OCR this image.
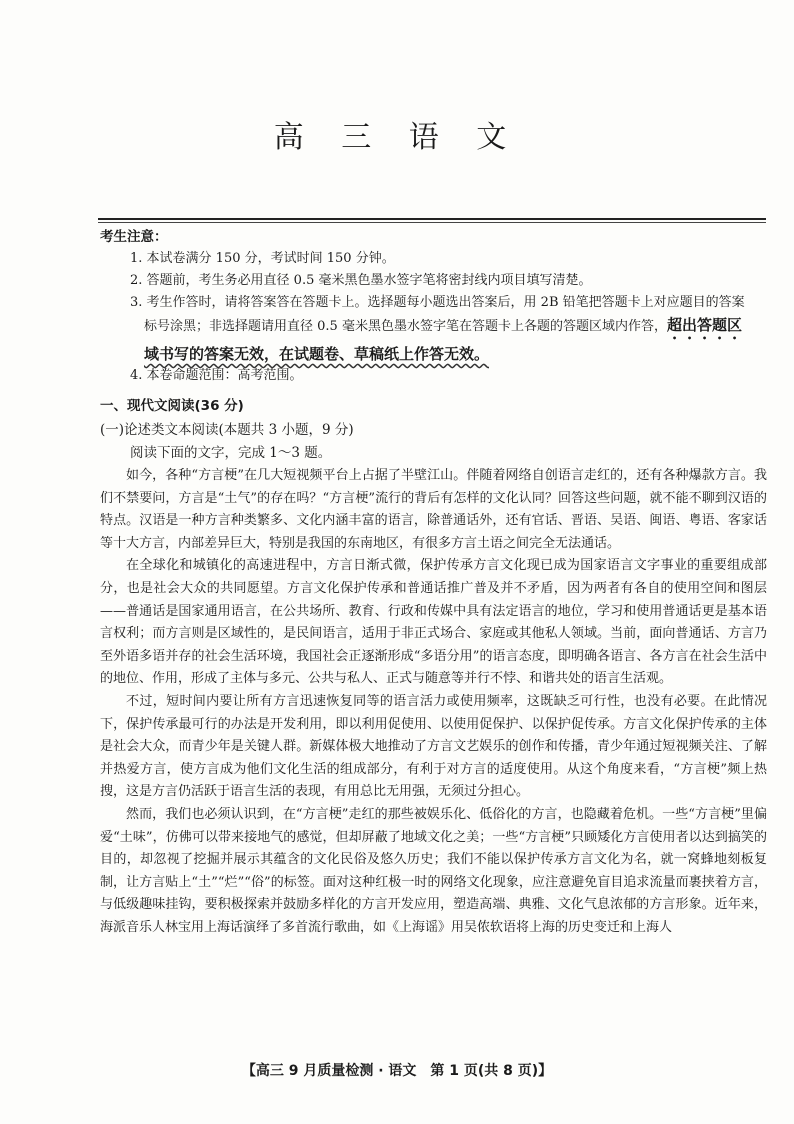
高 三 语 文
考生注意：
1. 本试卷满分 150 分，考试时间 150 分钟。
2. 答题前，考生务必用直径 0.5 毫米黑色墨水签字笔将密封线内项目填写清楚。
3. 考生作答时，请将答案答在答题卡上。选择题每小题选出答案后，用 2B 铅笔把答题卡上对应题目的答案
标号涂黑；非选择题请用直径 0.5 毫米黑色墨水签字笔在答题卡上各题的答题区域内作答，超出答题区
域书写的答案无效，在试题卷、草稿纸上作答无效。
4. 本卷命题范围：高考范围。
一、现代文阅读(36 分)
(一)论述类文本阅读(本题共 3 小题，9 分)
阅读下面的文字，完成 1～3 题。

如今，各种“方言梗”在几大短视频平台上占据了半壁江山。伴随着网络自创语言走红的，还有各种爆款方言。我们不禁要问，方言是“土气”的存在吗？“方言梗”流行的背后有怎样的文化认同？回答这些问题，就不能不聊到汉语的特点。汉语是一种方言种类繁多、文化内涵丰富的语言，除普通话外，还有官话、晋语、吴语、闽语、粤语、客家话等十大方言，内部差异巨大，特别是我国的东南地区，有很多方言土语之间完全无法通话。

在全球化和城镇化的高速进程中，方言日渐式微，保护传承方言文化现已成为国家语言文字事业的重要组成部分，也是社会大众的共同愿望。方言文化保护传承和普通话推广普及并不矛盾，因为两者有各自的使用空间和图层——普通话是国家通用语言，在公共场所、教育、行政和传媒中具有法定语言的地位，学习和使用普通话更是基本语言权利；而方言则是区域性的，是民间语言，适用于非正式场合、家庭或其他私人领域。当前，面向普通话、方言乃至外语多语并存的社会生活环境，我国社会正逐渐形成“多语分用”的语言态度，即明确各语言、各方言在社会生活中的地位、作用，形成了主体与多元、公共与私人、正式与随意等并行不悖、和谐共处的语言生活观。

不过，短时间内要让所有方言迅速恢复同等的语言活力或使用频率，这既缺乏可行性，也没有必要。在此情况下，保护传承最可行的办法是开发利用，即以利用促使用、以使用促保护、以保护促传承。方言文化保护传承的主体是社会大众，而青少年是关键人群。新媒体极大地推动了方言文艺娱乐的创作和传播，青少年通过短视频关注、了解并热爱方言，使方言成为他们文化生活的组成部分，有利于对方言的适度使用。从这个角度来看，“方言梗”频上热搜，这是方言仍活跃于语言生活的表现，有用总比无用强，无须过分担心。

然而，我们也必须认识到，在“方言梗”走红的那些被娱乐化、低俗化的方言，也隐藏着危机。一些“方言梗”里偏爱“土味”，仿佛可以带来接地气的感觉，但却屏蔽了地域文化之美；一些“方言梗”只顾矮化方言使用者以达到搞笑的目的，却忽视了挖掘并展示其蕴含的文化民俗及悠久历史；我们不能以保护传承方言文化为名，就一窝蜂地刻板复制，让方言贴上“土”“烂”“俗”的标签。面对这种红极一时的网络文化现象，应注意避免盲目追求流量而裹挟着方言，与低级趣味挂钩，要积极探索并鼓励多样化的方言开发应用，塑造高端、典雅、文化气息浓郁的方言形象。近年来，海派音乐人林宝用上海话演绎了多首流行歌曲，如《上海谣》用吴侬软语将上海的历史变迁和上海人

【高三 9 月质量检测 · 语文　第 1 页(共 8 页)】
